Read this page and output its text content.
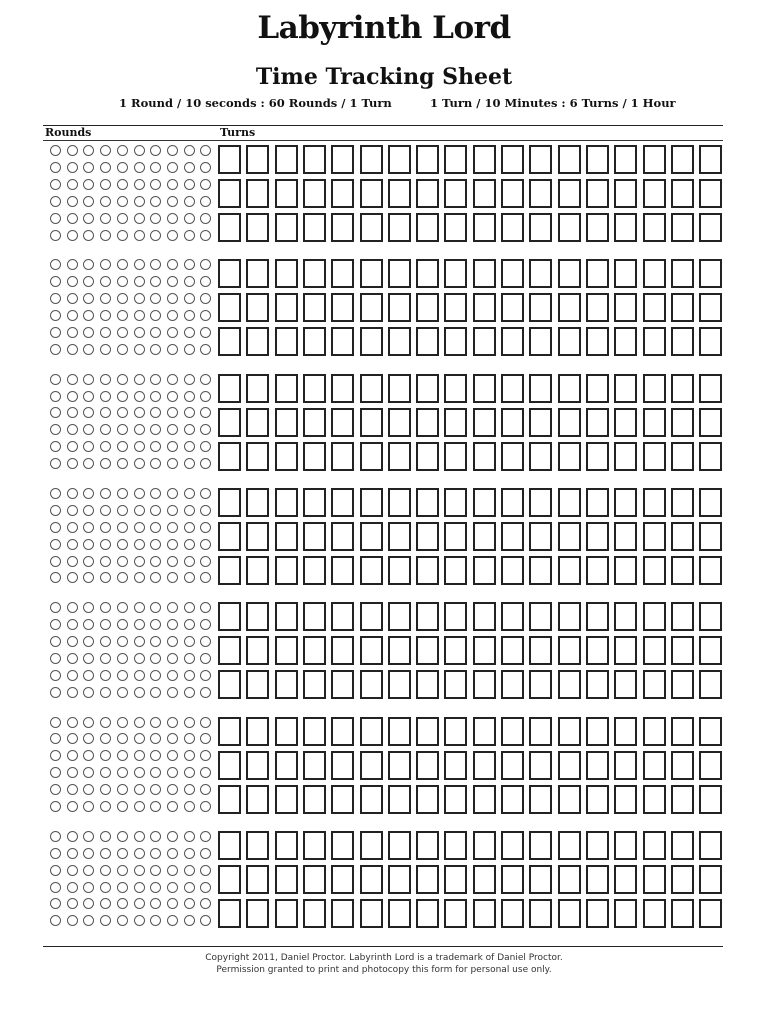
Labyrinth Lord
Time Tracking Sheet
1 Round / 10 seconds : 60 Rounds / 1 Turn	1 Turn / 10 Minutes : 6 Turns / 1 Hour
Rounds	Turns
Copyright 2011, Daniel Proctor. Labyrinth Lord is a trademark of Daniel Proctor.
Permission granted to print and photocopy this form for personal use only.
